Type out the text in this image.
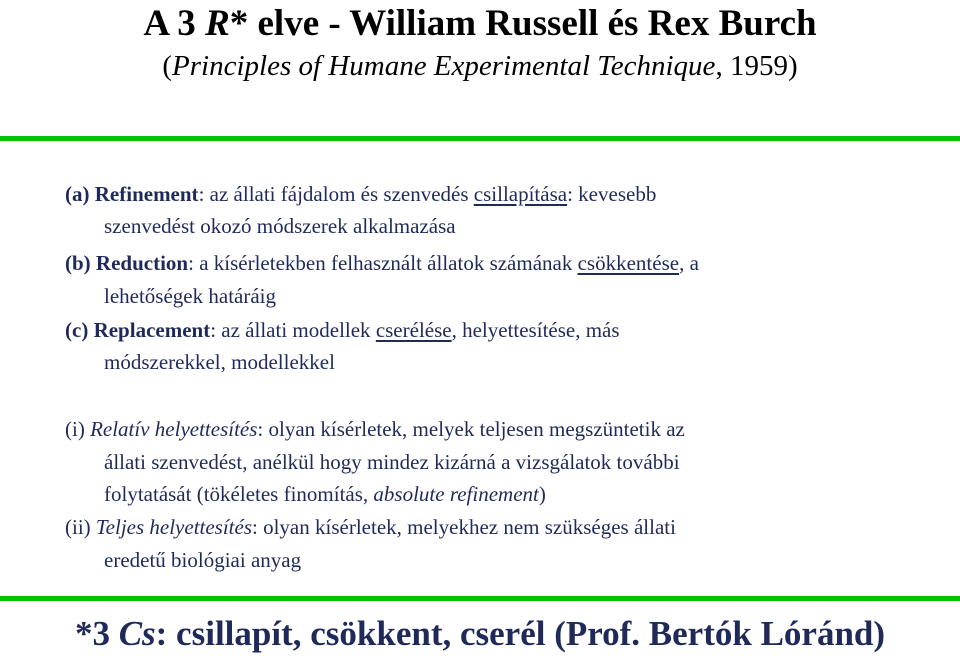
A 3 R* elve - William Russell és Rex Burch
(Principles of Humane Experimental Technique, 1959)
(a) Refinement: az állati fájdalom és szenvedés csillapítása: kevesebb
szenvedést okozó módszerek alkalmazása
(b) Reduction: a kísérletekben felhasznált állatok számának csökkentése, a
lehetőségek határáig
(c) Replacement: az állati modellek cserélése, helyettesítése, más
módszerekkel, modellekkel
(i) Relatív helyettesítés: olyan kísérletek, melyek teljesen megszüntetik az
állati szenvedést, anélkül hogy mindez kizárná a vizsgálatok további
folytatását (tökéletes finomítás, absolute refinement)
(ii) Teljes helyettesítés: olyan kísérletek, melyekhez nem szükséges állati
eredetű biológiai anyag
*3 Cs: csillapít, csökkent, cserél (Prof. Bertók Lóránd)
